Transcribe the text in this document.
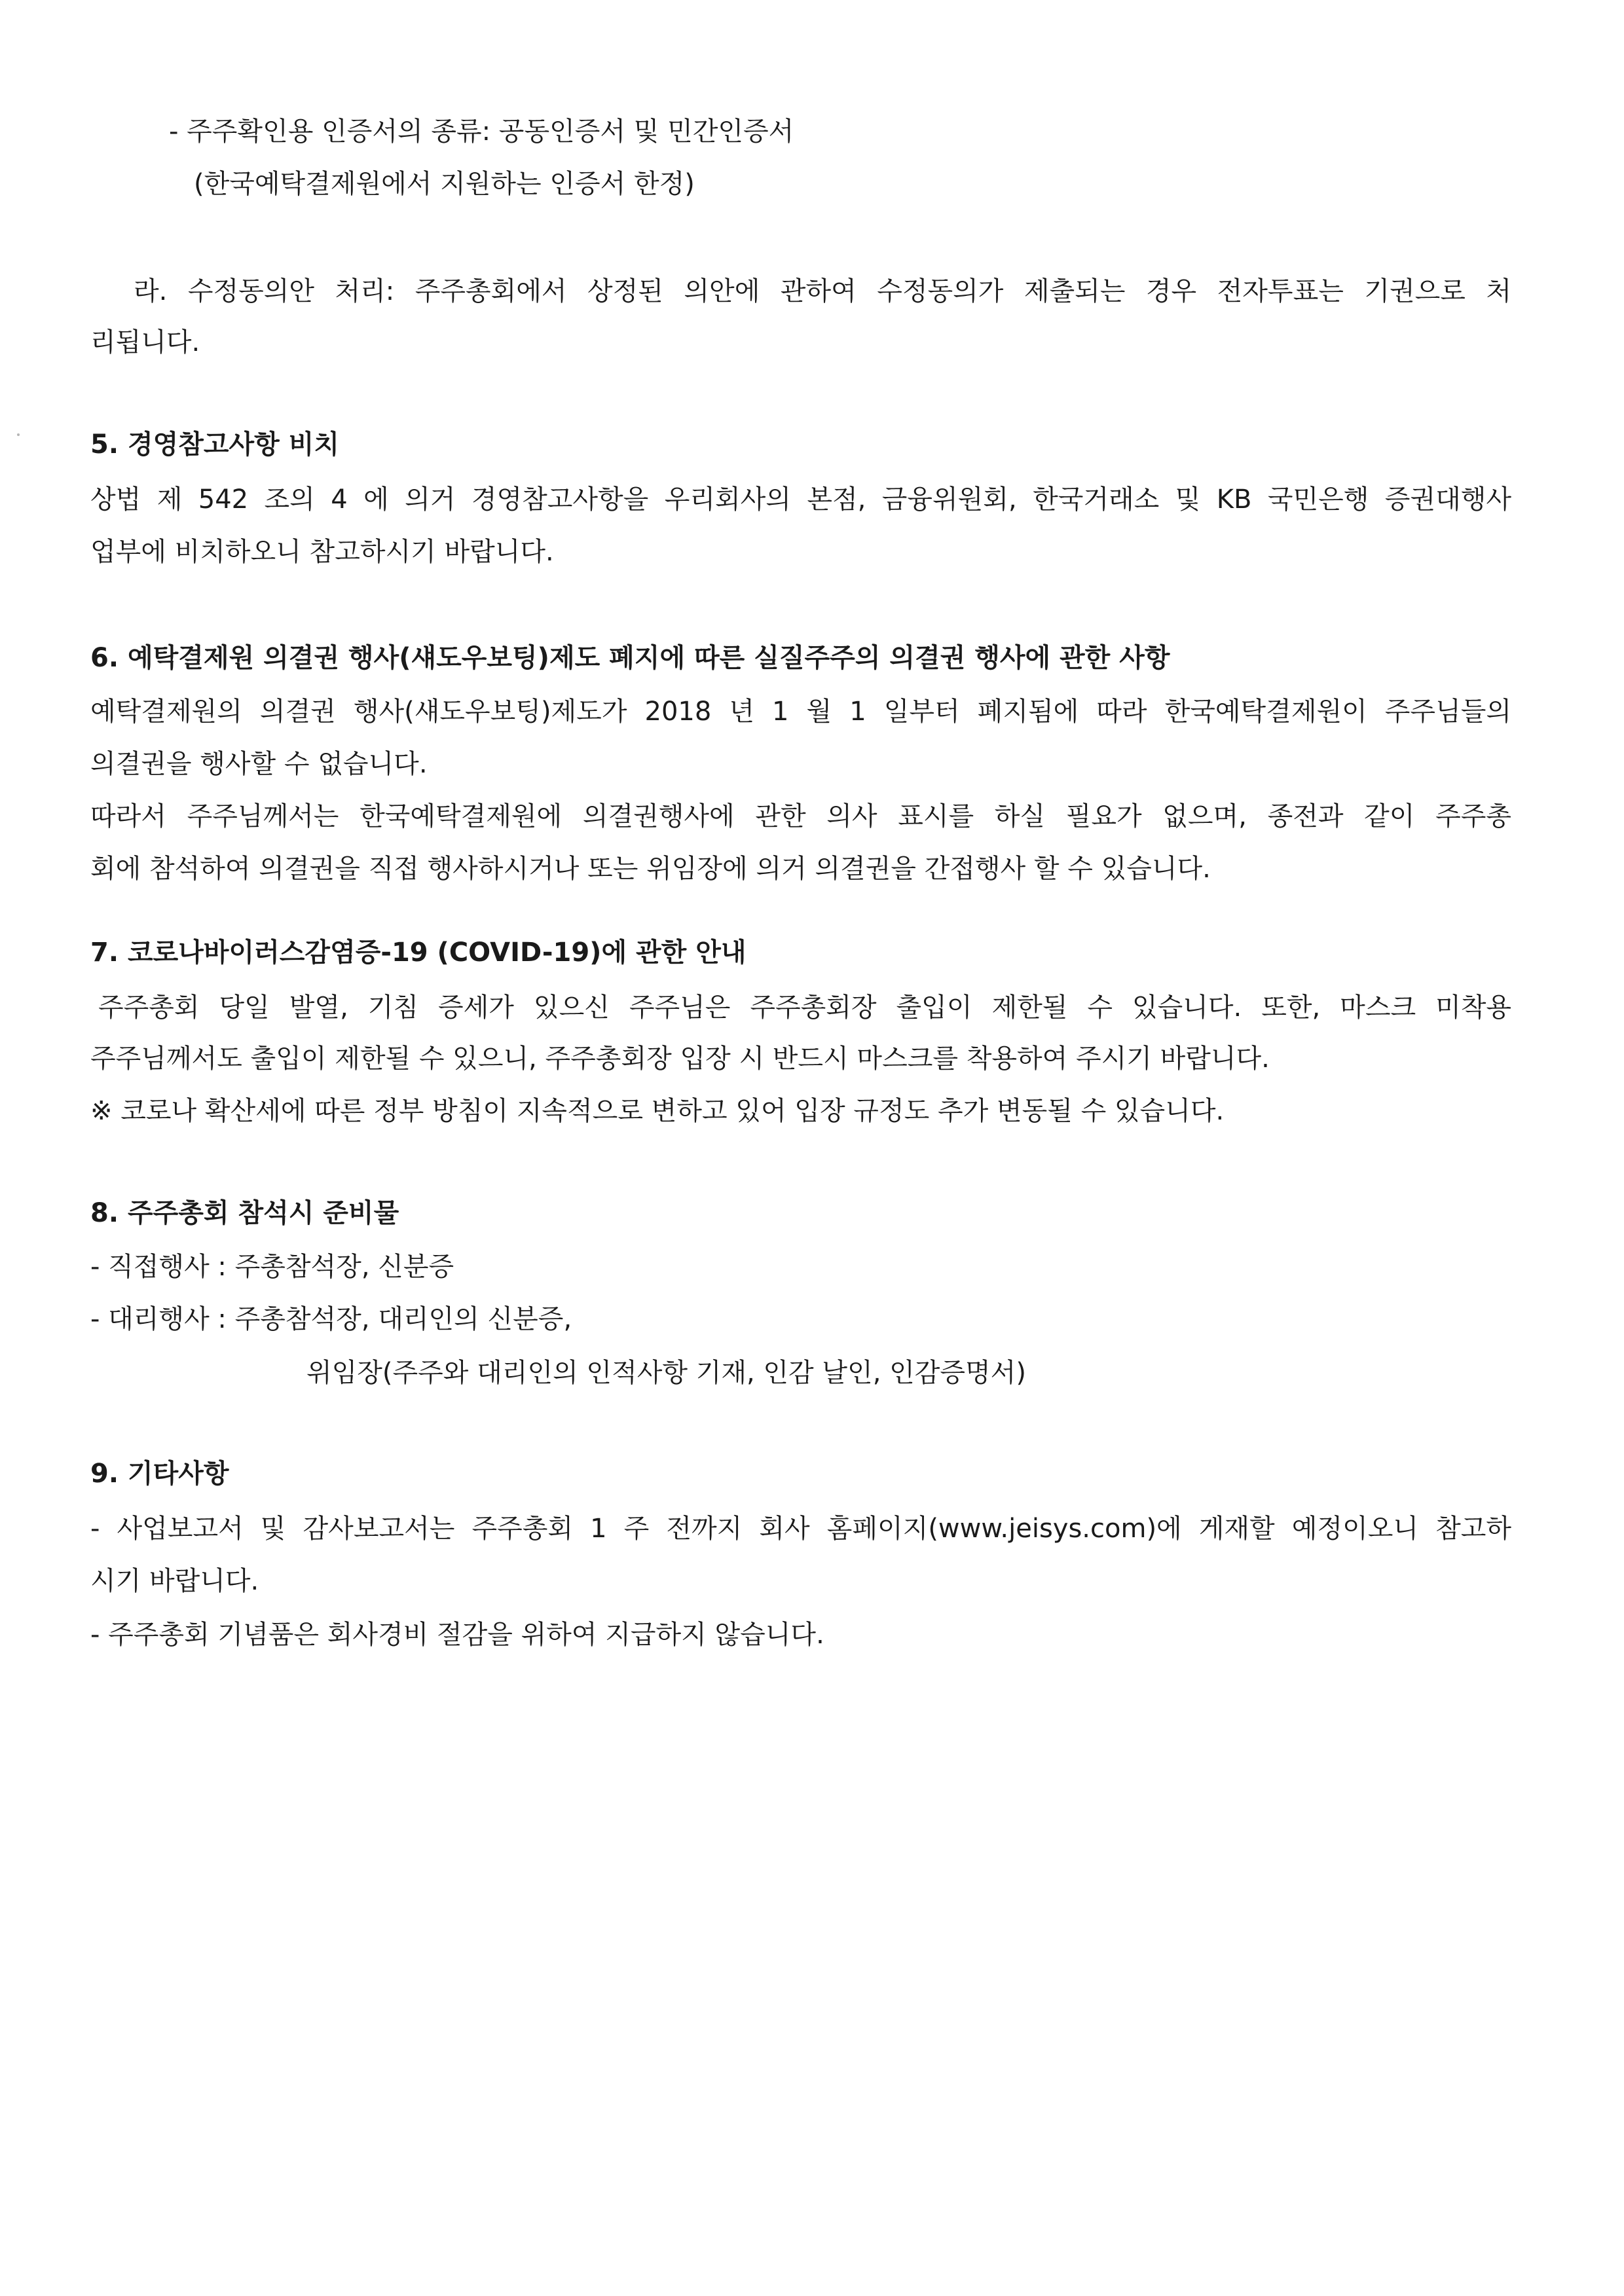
- 주주확인용 인증서의 종류: 공동인증서 및 민간인증서
(한국예탁결제원에서 지원하는 인증서 한정)
라. 수정동의안 처리: 주주총회에서 상정된 의안에 관하여 수정동의가 제출되는 경우 전자투표는 기권으로 처
리됩니다.
5. 경영참고사항 비치
상법 제 542 조의 4 에 의거 경영참고사항을 우리회사의 본점, 금융위원회, 한국거래소 및 KB 국민은행 증권대행사
업부에 비치하오니 참고하시기 바랍니다.
6. 예탁결제원 의결권 행사(섀도우보팅)제도 폐지에 따른 실질주주의 의결권 행사에 관한 사항
예탁결제원의 의결권 행사(섀도우보팅)제도가 2018 년 1 월 1 일부터 폐지됨에 따라 한국예탁결제원이 주주님들의
의결권을 행사할 수 없습니다.
따라서 주주님께서는 한국예탁결제원에 의결권행사에 관한 의사 표시를 하실 필요가 없으며, 종전과 같이 주주총
회에 참석하여 의결권을 직접 행사하시거나 또는 위임장에 의거 의결권을 간접행사 할 수 있습니다.
7. 코로나바이러스감염증-19 (COVID-19)에 관한 안내
주주총회 당일 발열, 기침 증세가 있으신 주주님은 주주총회장 출입이 제한될 수 있습니다. 또한, 마스크 미착용
주주님께서도 출입이 제한될 수 있으니, 주주총회장 입장 시 반드시 마스크를 착용하여 주시기 바랍니다.
※ 코로나 확산세에 따른 정부 방침이 지속적으로 변하고 있어 입장 규정도 추가 변동될 수 있습니다.
8. 주주총회 참석시 준비물
- 직접행사 : 주총참석장, 신분증
- 대리행사 : 주총참석장, 대리인의 신분증,
위임장(주주와 대리인의 인적사항 기재, 인감 날인, 인감증명서)
9. 기타사항
- 사업보고서 및 감사보고서는 주주총회 1 주 전까지 회사 홈페이지(www.jeisys.com)에 게재할 예정이오니 참고하
시기 바랍니다.
- 주주총회 기념품은 회사경비 절감을 위하여 지급하지 않습니다.
